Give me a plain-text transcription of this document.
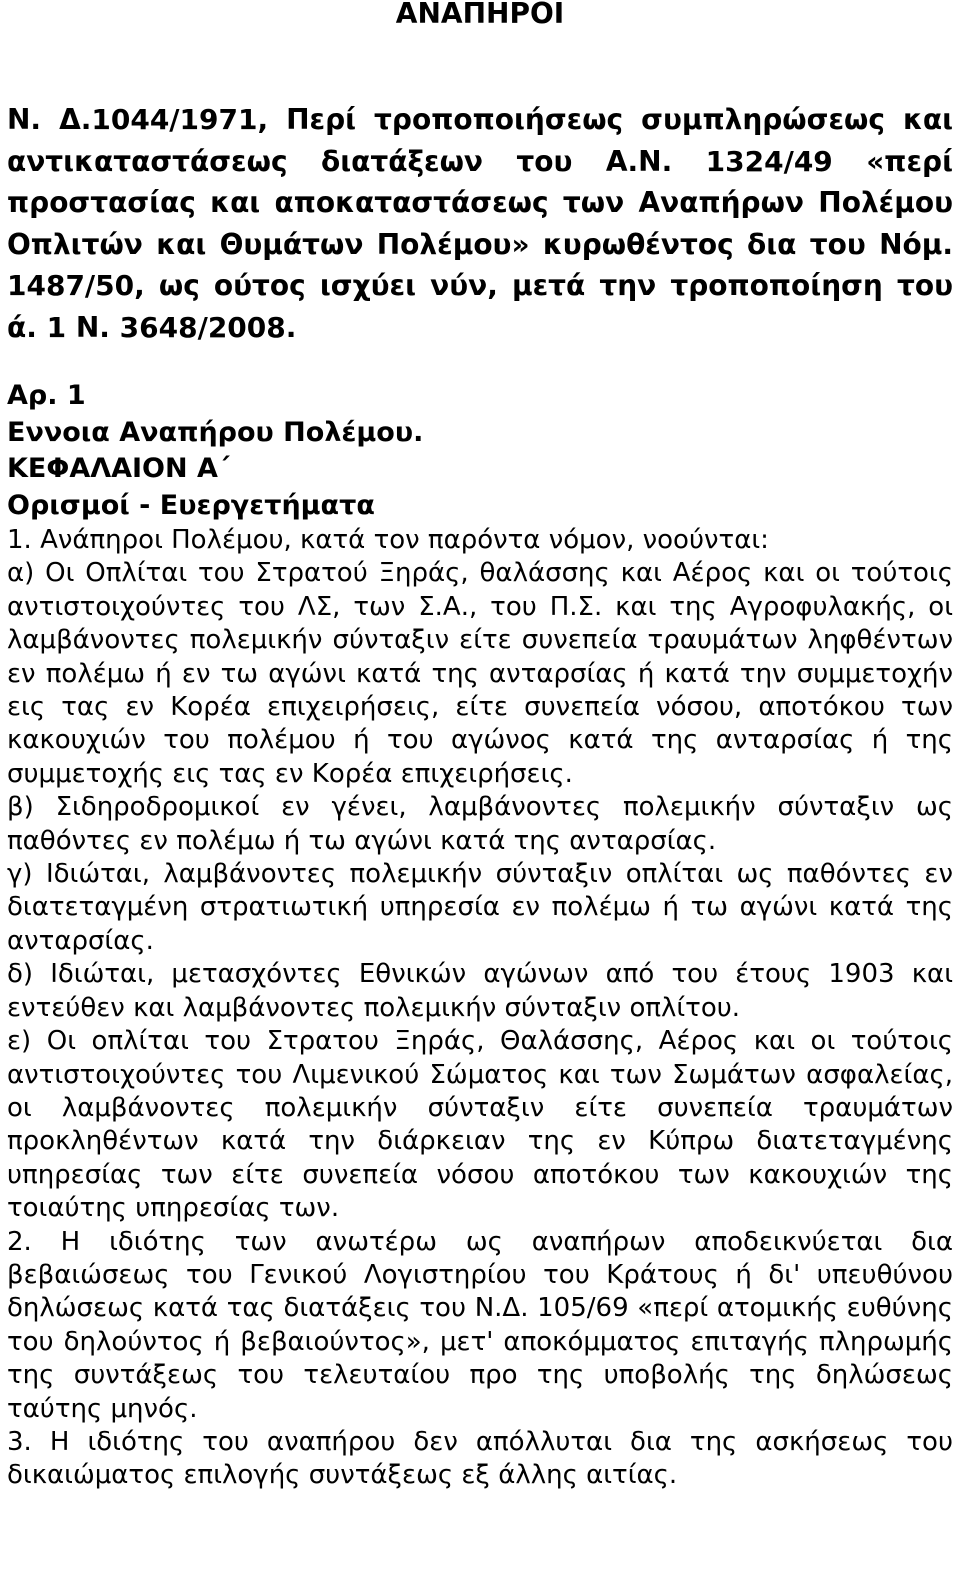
ΑΝΑΠΗΡΟΙ

Ν. Δ.1044/1971, Περί τροποποιήσεως συμπληρώσεως και αντικαταστάσεως διατάξεων του Α.Ν. 1324/49 «περί προστασίας και αποκαταστάσεως των Αναπήρων Πολέμου Οπλιτών και Θυμάτων Πολέμου» κυρωθέντος δια του Νόμ. 1487/50, ως ούτος ισχύει νύν, μετά την τροποποίηση του ά. 1 Ν. 3648/2008.

Αρ. 1

Εννοια Αναπήρου Πολέμου.

ΚΕΦΑΛΑΙΟΝ Α΄

Ορισμοί - Ευεργετήματα

1. Ανάπηροι Πολέμου, κατά τον παρόντα νόμον, νοούνται:

α) Οι Οπλίται του Στρατού Ξηράς, θαλάσσης και Αέρος και οι τούτοις αντιστοιχούντες του ΛΣ, των Σ.Α., του Π.Σ. και της Αγροφυλακής, οι λαμβάνοντες πολεμικήν σύνταξιν είτε συνεπεία τραυμάτων ληφθέντων εν πολέμω ή εν τω αγώνι κατά της ανταρσίας ή κατά την συμμετοχήν εις τας εν Κορέα επιχειρήσεις, είτε συνεπεία νόσου, αποτόκου των κακουχιών του πολέμου ή του αγώνος κατά της ανταρσίας ή της συμμετοχής εις τας εν Κορέα επιχειρήσεις.

β) Σιδηροδρομικοί εν γένει, λαμβάνοντες πολεμικήν σύνταξιν ως παθόντες εν πολέμω ή τω αγώνι κατά της ανταρσίας.

γ) Ιδιώται, λαμβάνοντες πολεμικήν σύνταξιν οπλίται ως παθόντες εν διατεταγμένη στρατιωτική υπηρεσία εν πολέμω ή τω αγώνι κατά της ανταρσίας.

δ) Ιδιώται, μετασχόντες Εθνικών αγώνων από του έτους 1903 και εντεύθεν και λαμβάνοντες πολεμικήν σύνταξιν οπλίτου.

ε) Οι οπλίται του Στρατου Ξηράς, Θαλάσσης, Αέρος και οι τούτοις αντιστοιχούντες του Λιμενικού Σώματος και των Σωμάτων ασφαλείας, οι λαμβάνοντες πολεμικήν σύνταξιν είτε συνεπεία τραυμάτων προκληθέντων κατά την διάρκειαν της εν Κύπρω διατεταγμένης υπηρεσίας των είτε συνεπεία νόσου αποτόκου των κακουχιών της τοιαύτης υπηρεσίας των.

2. Η ιδιότης των ανωτέρω ως αναπήρων αποδεικνύεται δια βεβαιώσεως του Γενικού Λογιστηρίου του Κράτους ή δι' υπευθύνου δηλώσεως κατά τας διατάξεις του Ν.Δ. 105/69 «περί ατομικής ευθύνης του δηλούντος ή βεβαιούντος», μετ' αποκόμματος επιταγής πληρωμής της συντάξεως του τελευταίου προ της υποβολής της δηλώσεως ταύτης μηνός.

3. Η ιδιότης του αναπήρου δεν απόλλυται δια της ασκήσεως του δικαιώματος επιλογής συντάξεως εξ άλλης αιτίας.
